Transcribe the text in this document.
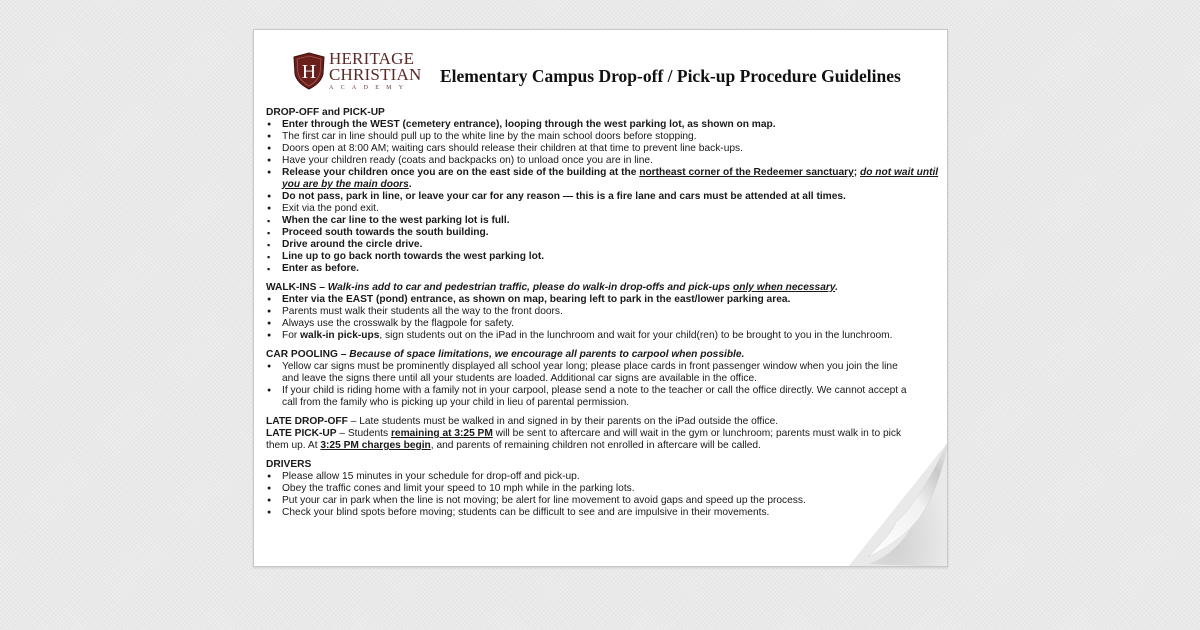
H
HERITAGE
CHRISTIAN
ACADEMY
Elementary Campus Drop-off / Pick-up Procedure Guidelines
DROP-OFF and PICK-UP
● Enter through the WEST (cemetery entrance), looping through the west parking lot, as shown on map.
● The first car in line should pull up to the white line by the main school doors before stopping.
● Doors open at 8:00 AM; waiting cars should release their children at that time to prevent line back-ups.
● Have your children ready (coats and backpacks on) to unload once you are in line.
● Release your children once you are on the east side of the building at the northeast corner of the Redeemer sanctuary; do not wait until you are by the main doors.
● Do not pass, park in line, or leave your car for any reason — this is a fire lane and cars must be attended at all times.
● Exit via the pond exit.
▪ When the car line to the west parking lot is full.
▪ Proceed south towards the south building.
▪ Drive around the circle drive.
▪ Line up to go back north towards the west parking lot.
▪ Enter as before.
WALK-INS – Walk-ins add to car and pedestrian traffic, please do walk-in drop-offs and pick-ups only when necessary.
● Enter via the EAST (pond) entrance, as shown on map, bearing left to park in the east/lower parking area.
● Parents must walk their students all the way to the front doors.
● Always use the crosswalk by the flagpole for safety.
● For walk-in pick-ups, sign students out on the iPad in the lunchroom and wait for your child(ren) to be brought to you in the lunchroom.
CAR POOLING – Because of space limitations, we encourage all parents to carpool when possible.
● Yellow car signs must be prominently displayed all school year long; please place cards in front passenger window when you join the line
and leave the signs there until all your students are loaded. Additional car signs are available in the office.
● If your child is riding home with a family not in your carpool, please send a note to the teacher or call the office directly. We cannot accept a
call from the family who is picking up your child in lieu of parental permission.
LATE DROP-OFF – Late students must be walked in and signed in by their parents on the iPad outside the office.
LATE PICK-UP – Students remaining at 3:25 PM will be sent to aftercare and will wait in the gym or lunchroom; parents must walk in to pick
them up. At 3:25 PM charges begin, and parents of remaining children not enrolled in aftercare will be called.
DRIVERS
● Please allow 15 minutes in your schedule for drop-off and pick-up.
● Obey the traffic cones and limit your speed to 10 mph while in the parking lots.
● Put your car in park when the line is not moving; be alert for line movement to avoid gaps and speed up the process.
● Check your blind spots before moving; students can be difficult to see and are impulsive in their movements.
